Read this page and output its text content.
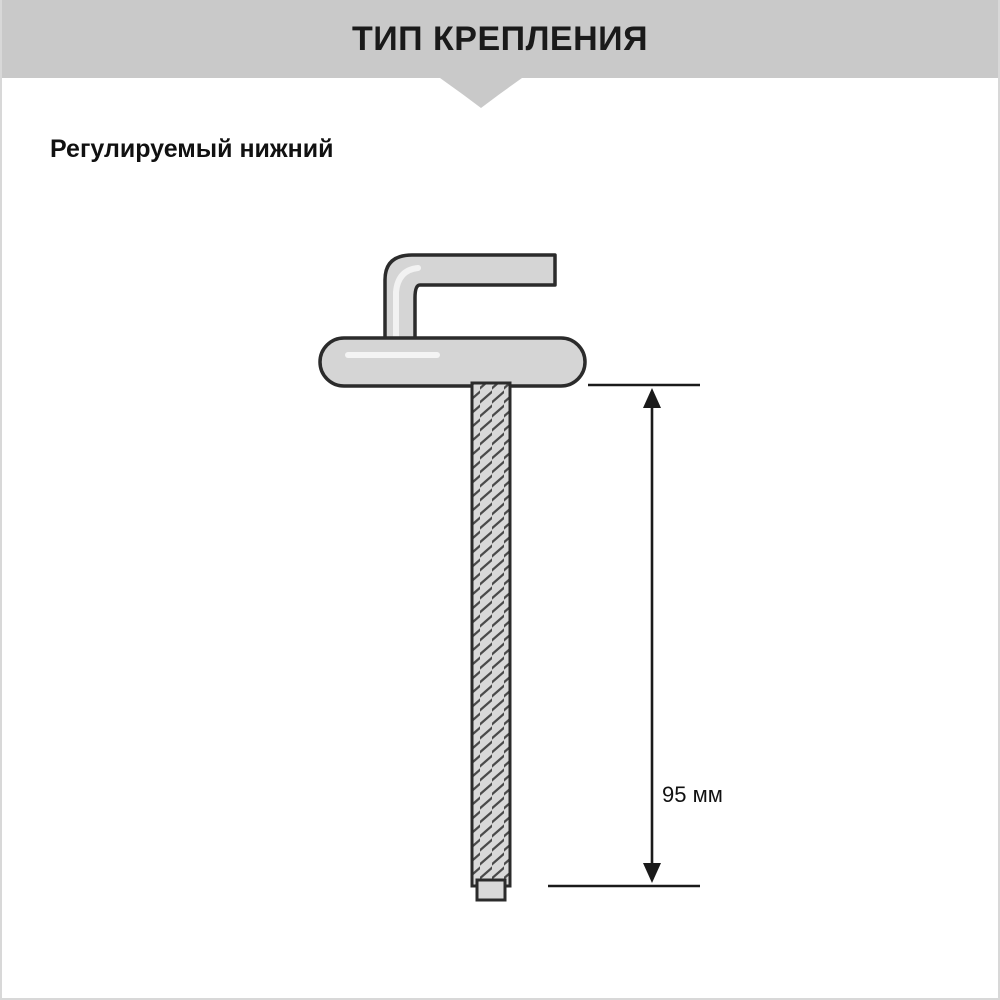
ТИП КРЕПЛЕНИЯ
Регулируемый нижний
95 мм
